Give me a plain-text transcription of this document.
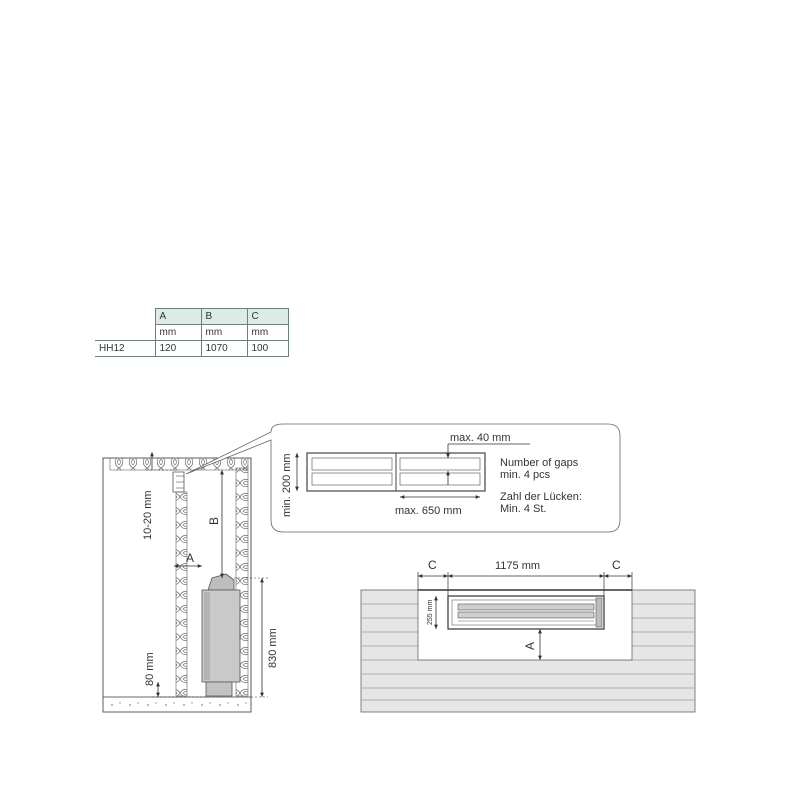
	A	B	C
	mm	mm	mm
HH12	120	1070	100
10-20 mm	B
A
80 mm
830 mm
min. 200 mm
max. 40 mm
max. 650 mm
Number of gaps
min. 4 pcs
Zahl der Lücken:
Min. 4 St.
C	1175 mm	C
255 mm
A
